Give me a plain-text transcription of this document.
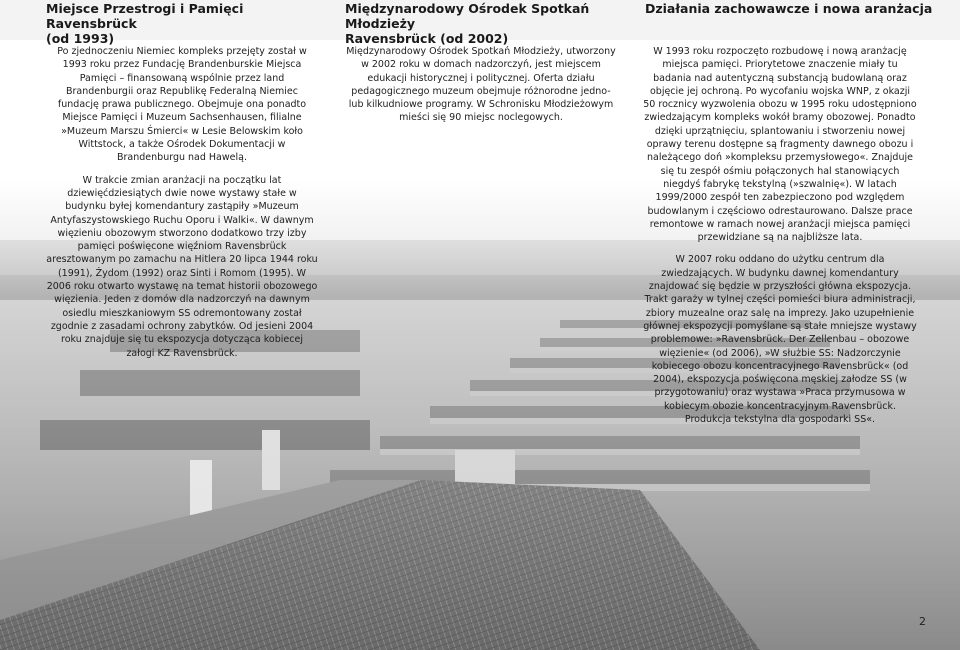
Miejsce Przestrogi i Pamięci Ravensbrück
(od 1993)

Po zjednoczeniu Niemiec kompleks przejęty został w 1993 roku przez Fundację Brandenburskie Miejsca Pamięci – finansowaną wspólnie przez land Brandenburgii oraz Republikę Federalną Niemiec fundację prawa publicznego. Obejmuje ona ponadto Miejsce Pamięci i Muzeum Sachsenhausen, filialne »Muzeum Marszu Śmierci« w Lesie Belowskim koło Wittstock, a także Ośrodek Dokumentacji w Brandenburgu nad Hawelą.

W trakcie zmian aranżacji na początku lat dziewięćdziesiątych dwie nowe wystawy stałe w budynku byłej komendantury zastąpiły »Muzeum Antyfaszystowskiego Ruchu Oporu i Walki«. W dawnym więzieniu obozowym stworzono dodatkowo trzy izby pamięci poświęcone więźniom Ravensbrück aresztowanym po zamachu na Hitlera 20 lipca 1944 roku (1991), Żydom (1992) oraz Sinti i Romom (1995). W 2006 roku otwarto wystawę na temat historii obozowego więzienia. Jeden z domów dla nadzorczyń na dawnym osiedlu mieszkaniowym SS odremontowany został zgodnie z zasadami ochrony zabytków. Od jesieni 2004 roku znajduje się tu ekspozycja dotycząca kobiecej załogi KZ Ravensbrück.

Międzynarodowy Ośrodek Spotkań Młodzieży
Ravensbrück (od 2002)

Międzynarodowy Ośrodek Spotkań Młodzieży, utworzony w 2002 roku w domach nadzorczyń, jest miejscem edukacji historycznej i politycznej. Oferta działu pedagogicznego muzeum obejmuje różnorodne jedno- lub kilkudniowe programy. W Schronisku Młodzieżowym mieści się 90 miejsc noclegowych.

Działania zachowawcze i nowa aranżacja

W 1993 roku rozpoczęto rozbudowę i nową aranżację miejsca pamięci. Priorytetowe znaczenie miały tu badania nad autentyczną substancją budowlaną oraz objęcie jej ochroną. Po wycofaniu wojska WNP, z okazji 50 rocznicy wyzwolenia obozu w 1995 roku udostępniono zwiedzającym kompleks wokół bramy obozowej. Ponadto dzięki uprzątnięciu, splantowaniu i stworzeniu nowej oprawy terenu dostępne są fragmenty dawnego obozu i należącego doń »kompleksu przemysłowego«. Znajduje się tu zespół ośmiu połączonych hal stanowiących niegdyś fabrykę tekstylną (»szwalnię«). W latach 1999/2000 zespół ten zabezpieczono pod względem budowlanym i częściowo odrestaurowano. Dalsze prace remontowe w ramach nowej aranżacji miejsca pamięci przewidziane są na najbliższe lata.

W 2007 roku oddano do użytku centrum dla zwiedzających. W budynku dawnej komendantury znajdować się będzie w przyszłości główna ekspozycja. Trakt garaży w tylnej części pomieści biura administracji, zbiory muzealne oraz salę na imprezy. Jako uzupełnienie głównej ekspozycji pomyślane są stałe mniejsze wystawy problemowe: »Ravensbrück. Der Zellenbau – obozowe więzienie« (od 2006), »W służbie SS: Nadzorczynie kobiecego obozu koncentracyjnego Ravensbrück« (od 2004), ekspozycja poświęcona męskiej załodze SS (w przygotowaniu) oraz wystawa »Praca przymusowa w kobiecym obozie koncentracyjnym Ravensbrück. Produkcja tekstylna dla gospodarki SS«.

2
